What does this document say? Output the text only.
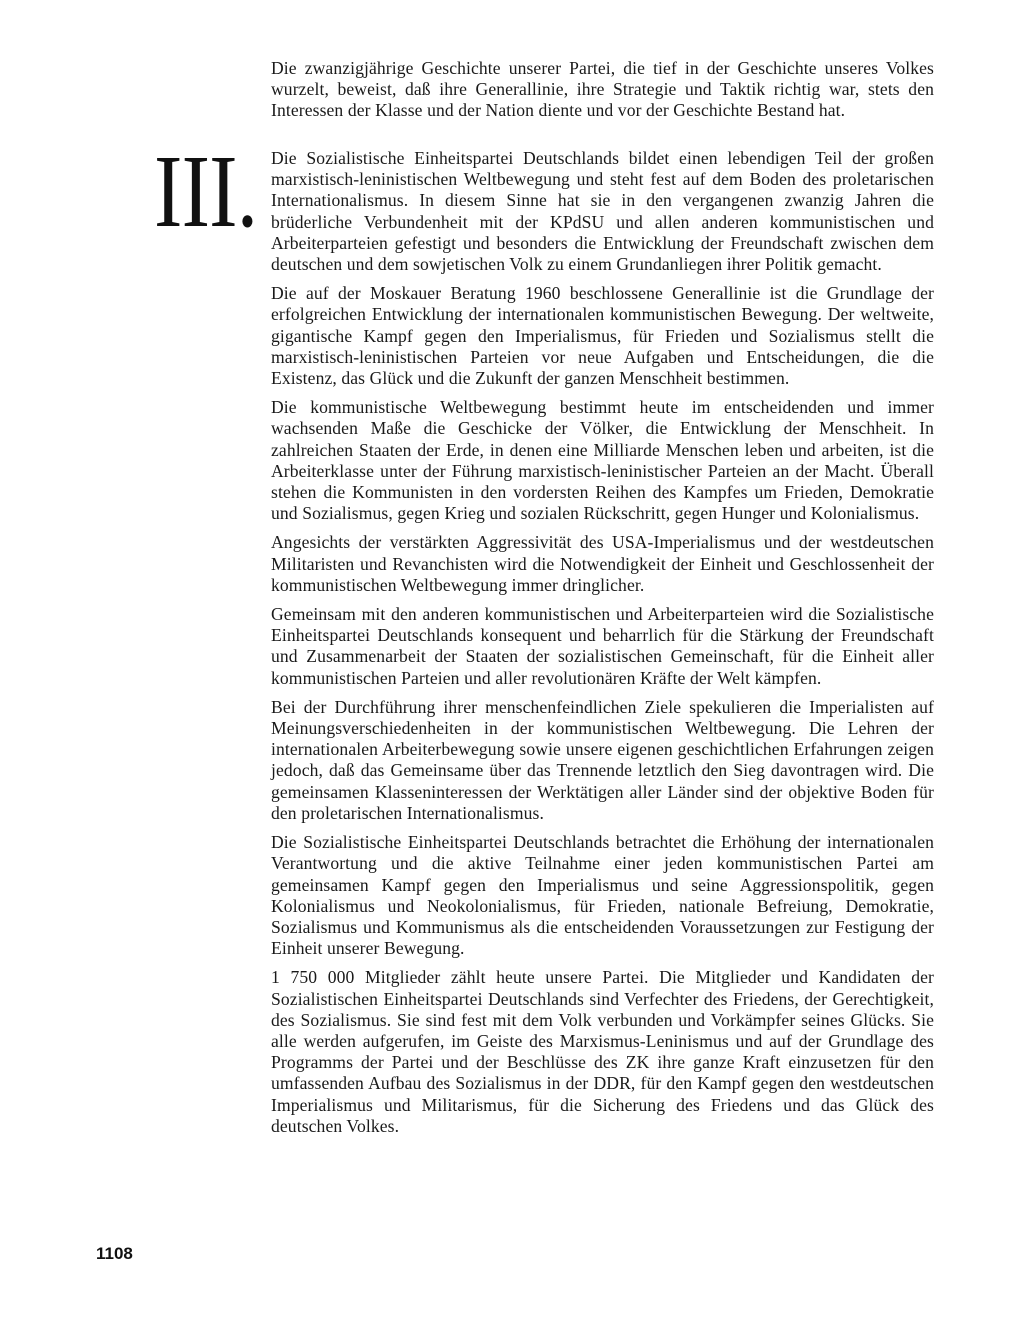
Die zwanzigjährige Geschichte unserer Partei, die tief in der Geschichte unseres Volkes wurzelt, beweist, daß ihre Generallinie, ihre Strategie und Taktik richtig war, stets den Interessen der Klasse und der Nation diente und vor der Geschichte Bestand hat.

III. Die Sozialistische Einheitspartei Deutschlands bildet einen lebendigen Teil der großen marxistisch-leninistischen Weltbewegung und steht fest auf dem Boden des proletarischen Internationalismus. In diesem Sinne hat sie in den vergangenen zwanzig Jahren die brüderliche Verbundenheit mit der KPdSU und allen anderen kommunistischen und Arbeiterparteien gefestigt und besonders die Entwicklung der Freundschaft zwischen dem deutschen und dem sowjetischen Volk zu einem Grundanliegen ihrer Politik gemacht.

Die auf der Moskauer Beratung 1960 beschlossene Generallinie ist die Grundlage der erfolgreichen Entwicklung der internationalen kommunistischen Bewegung. Der weltweite, gigantische Kampf gegen den Imperialismus, für Frieden und Sozialismus stellt die marxistisch-leninistischen Parteien vor neue Aufgaben und Entscheidungen, die die Existenz, das Glück und die Zukunft der ganzen Menschheit bestimmen.

Die kommunistische Weltbewegung bestimmt heute im entscheidenden und immer wachsenden Maße die Geschicke der Völker, die Entwicklung der Menschheit. In zahlreichen Staaten der Erde, in denen eine Milliarde Menschen leben und arbeiten, ist die Arbeiterklasse unter der Führung marxistisch-leninistischer Parteien an der Macht. Überall stehen die Kommunisten in den vordersten Reihen des Kampfes um Frieden, Demokratie und Sozialismus, gegen Krieg und sozialen Rückschritt, gegen Hunger und Kolonialismus.

Angesichts der verstärkten Aggressivität des USA-Imperialismus und der westdeutschen Militaristen und Revanchisten wird die Notwendigkeit der Einheit und Geschlossenheit der kommunistischen Weltbewegung immer dringlicher.

Gemeinsam mit den anderen kommunistischen und Arbeiterparteien wird die Sozialistische Einheitspartei Deutschlands konsequent und beharrlich für die Stärkung der Freundschaft und Zusammenarbeit der Staaten der sozialistischen Gemeinschaft, für die Einheit aller kommunistischen Parteien und aller revolutionären Kräfte der Welt kämpfen.

Bei der Durchführung ihrer menschenfeindlichen Ziele spekulieren die Imperialisten auf Meinungsverschiedenheiten in der kommunistischen Weltbewegung. Die Lehren der internationalen Arbeiterbewegung sowie unsere eigenen geschichtlichen Erfahrungen zeigen jedoch, daß das Gemeinsame über das Trennende letztlich den Sieg davontragen wird. Die gemeinsamen Klasseninteressen der Werktätigen aller Länder sind der objektive Boden für den proletarischen Internationalismus.

Die Sozialistische Einheitspartei Deutschlands betrachtet die Erhöhung der internationalen Verantwortung und die aktive Teilnahme einer jeden kommunistischen Partei am gemeinsamen Kampf gegen den Imperialismus und seine Aggressionspolitik, gegen Kolonialismus und Neokolonialismus, für Frieden, nationale Befreiung, Demokratie, Sozialismus und Kommunismus als die entscheidenden Voraussetzungen zur Festigung der Einheit unserer Bewegung.

1 750 000 Mitglieder zählt heute unsere Partei. Die Mitglieder und Kandidaten der Sozialistischen Einheitspartei Deutschlands sind Verfechter des Friedens, der Gerechtigkeit, des Sozialismus. Sie sind fest mit dem Volk verbunden und Vorkämpfer seines Glücks. Sie alle werden aufgerufen, im Geiste des Marxismus-Leninismus und auf der Grundlage des Programms der Partei und der Beschlüsse des ZK ihre ganze Kraft einzusetzen für den umfassenden Aufbau des Sozialismus in der DDR, für den Kampf gegen den westdeutschen Imperialismus und Militarismus, für die Sicherung des Friedens und das Glück des deutschen Volkes.

1108
